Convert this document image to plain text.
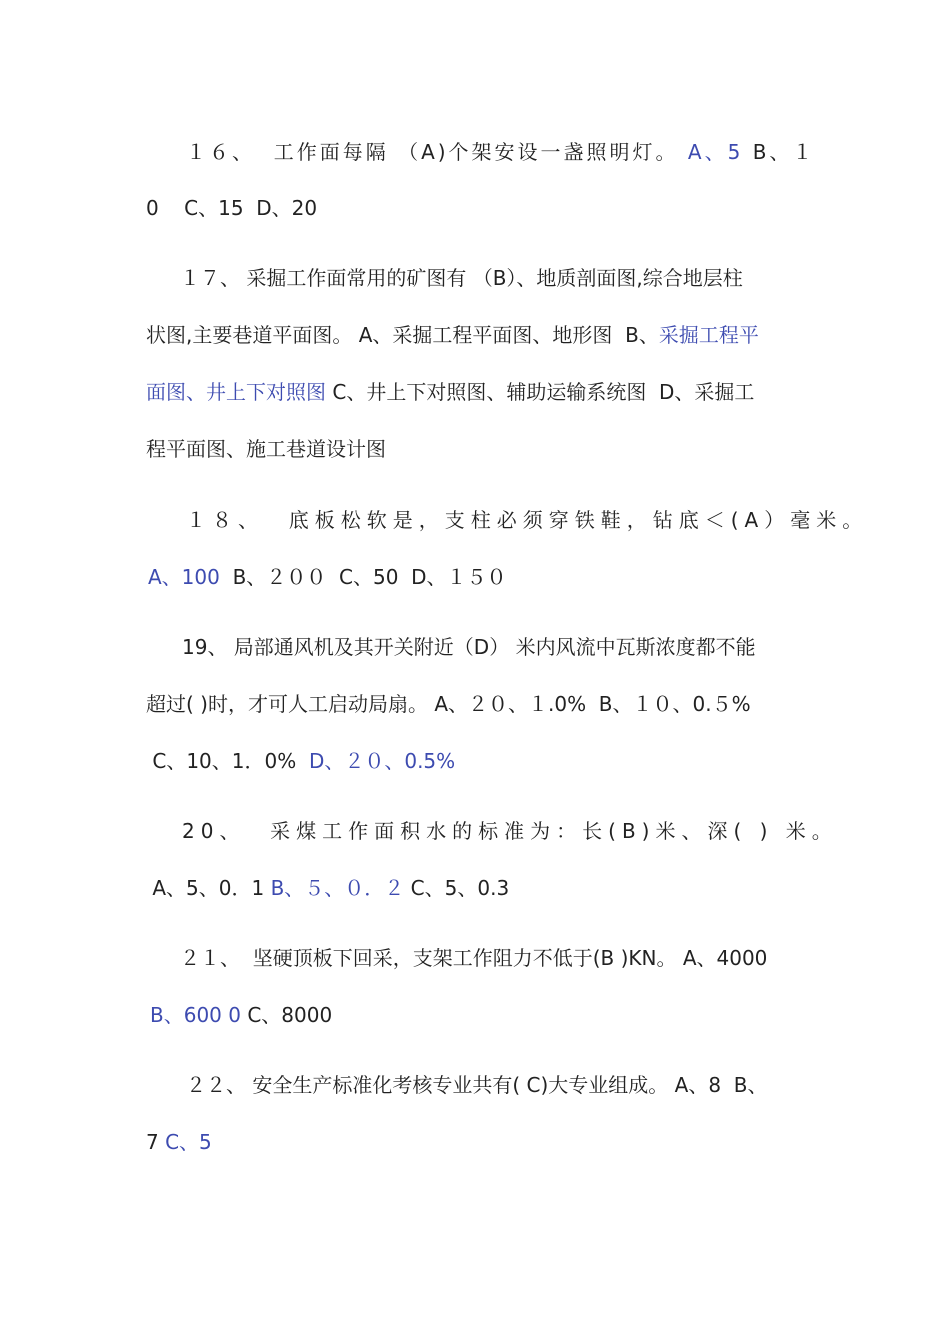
１６、  工作面每隔 （A)个架安设一盏照明灯。 A、5 B、１
0    C、15  D、20
１７、 采掘工作面常用的矿图有 （B）、地质剖面图,综合地层柱
状图,主要巷道平面图。 A、采掘工程平面图、地形图  B、采掘工程平
面图、井上下对照图 C、井上下对照图、辅助运输系统图  D、采掘工
程平面图、施工巷道设计图
１８、  底板松软是，支柱必须穿铁鞋，钻底＜(A）毫米。
A、100  B、２００  C、50  D、１５０
19、 局部通风机及其开关附近（D） 米内风流中瓦斯浓度都不能
超过( )时，才可人工启动局扇。 A、２０、１.0%  B、１０、0.５%
C、10、1．0%  D、２０、0.5%
20、  采煤工作面积水的标准为：长(B)米、深( ) 米。
A、5、0．1 B、５、０．２ C、5、0.3
２１、  坚硬顶板下回采，支架工作阻力不低于(B )KN。 A、4000
B、600 0 C、8000
２２、 安全生产标准化考核专业共有( C)大专业组成。 A、8  B、
7 C、5
